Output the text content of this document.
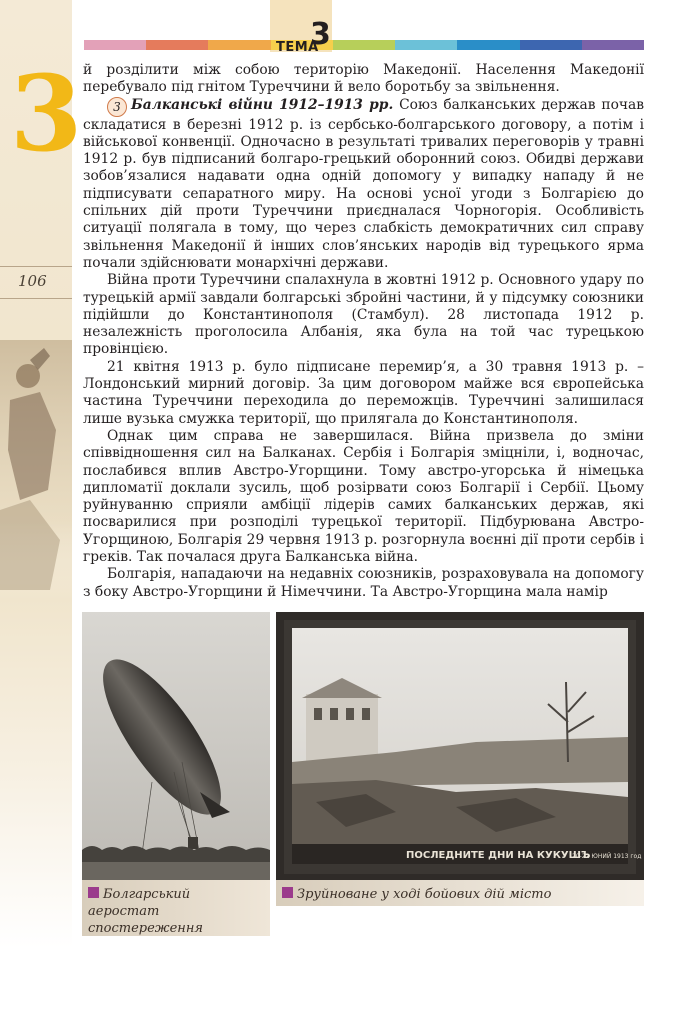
3
106
ТЕМА
3

й розділити між собою територію Македонії. Населення Македонії перебувало під гнітом Туреччини й вело боротьбу за звільнення.

3 Балканські війни 1912–1913 рр. Союз балканських держав почав складатися в березні 1912 р. із сербсько-болгарського договору, а потім і військової конвенції. Одночасно в результаті тривалих переговорів у травні 1912 р. був підписаний болгаро-грецький оборонний союз. Обидві держави зобов’язалися надавати одна одній допомогу у випадку нападу й не підписувати сепаратного миру. На основі усної угоди з Болгарією до спільних дій проти Туреччини приєдналася Чорногорія. Особливість ситуації полягала в тому, що через слабкість демократичних сил справу звільнення Македонії й інших слов’янських народів від турецького ярма почали здійснювати монархічні держави.

Війна проти Туреччини спалахнула в жовтні 1912 р. Основного удару по турецькій армії завдали болгарські збройні частини, й у підсумку союзники підійшли до Константинополя (Стамбул). 28 листопада 1912 р. незалежність проголосила Албанія, яка була на той час турецькою провінцією.

21 квітня 1913 р. було підписане перемир’я, а 30 травня 1913 р. – Лондонський мирний договір. За цим договором майже вся європейська частина Туреччини переходила до переможців. Туреччині залишилася лише вузька смужка території, що прилягала до Константинополя.

Однак цим справа не завершилася. Війна призвела до зміни співвідношення сил на Балканах. Сербія і Болгарія зміцніли, і, водночас, послабився вплив Австро-Угорщини. Тому австро-угорська й німецька дипломатії доклали зусиль, щоб розірвати союз Болгарії і Сербії. Цьому руйнуванню сприяли амбіції лідерів самих балканських держав, які посварилися при розподілі турецької території. Підбурювана Австро-Угорщиною, Болгарія 29 червня 1913 р. розгорнула воєнні дії проти сербів і греків. Так почалася друга Балканська війна.

Болгарія, нападаючи на недавніх союзників, розраховувала на допомогу з боку Австро-Угорщини й Німеччини. Та Австро-Угорщина мала намір

ПОСЛЕДНИТЕ ДНИ НА КУКУШЪ
20-22 ЮНИЙ 1913 год
Болгарський аеростат спостереження
Зруйноване у ході бойових дій місто
